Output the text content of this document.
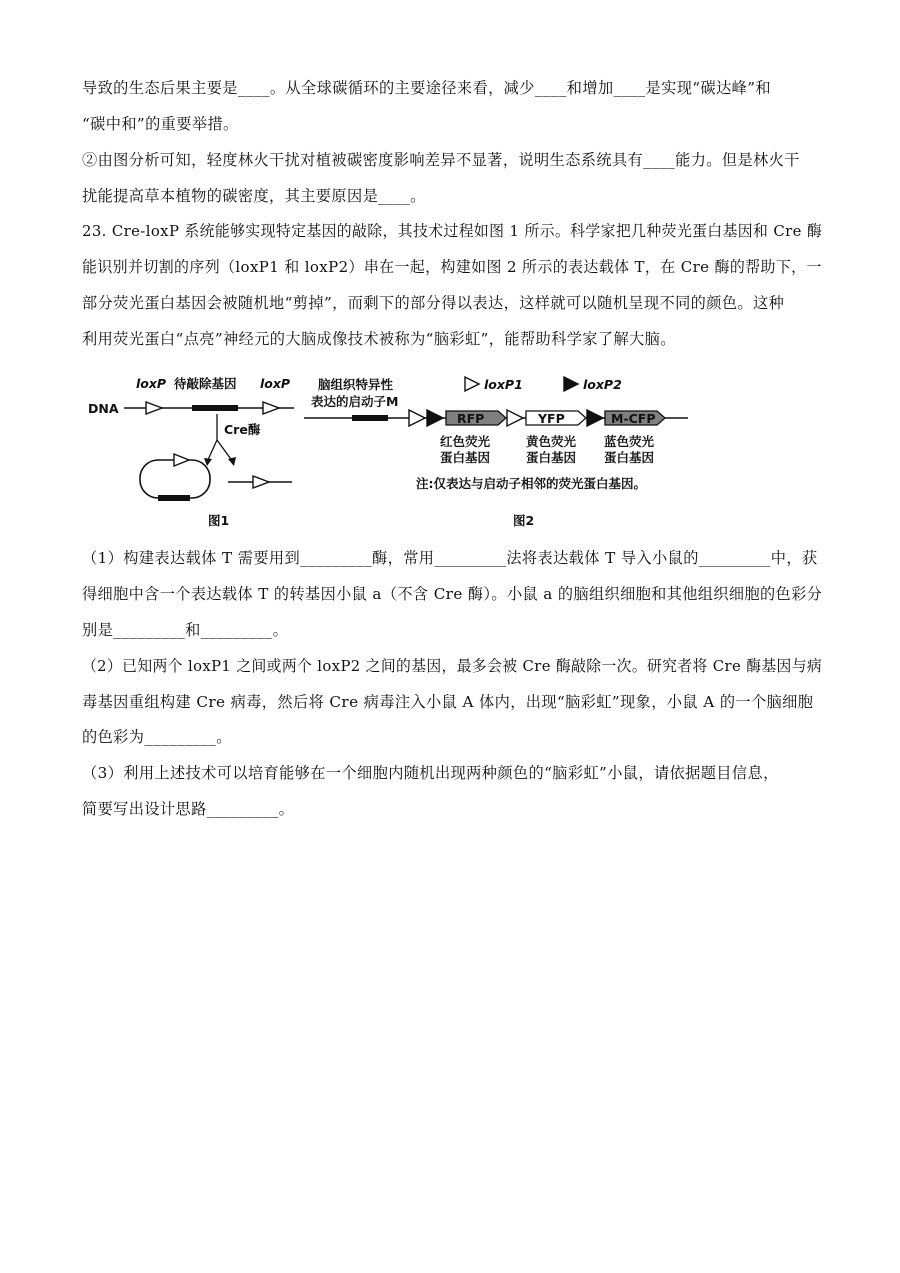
导致的生态后果主要是____。从全球碳循环的主要途径来看，减少____和增加____是实现“碳达峰”和
“碳中和”的重要举措。
②由图分析可知，轻度林火干扰对植被碳密度影响差异不显著，说明生态系统具有____能力。但是林火干
扰能提高草本植物的碳密度，其主要原因是____。
23. Cre-loxP 系统能够实现特定基因的敲除，其技术过程如图 1 所示。科学家把几种荧光蛋白基因和 Cre 酶
能识别并切割的序列（loxP1 和 loxP2）串在一起，构建如图 2 所示的表达载体 T，在 Cre 酶的帮助下，一
部分荧光蛋白基因会被随机地“剪掉”，而剩下的部分得以表达，这样就可以随机呈现不同的颜色。这种
利用荧光蛋白“点亮”神经元的大脑成像技术被称为“脑彩虹”，能帮助科学家了解大脑。
DNA
loxP 待敲除基因 loxP
Cre酶
图1
脑组织特异性
表达的启动子M
RFP	YFP	M-CFP
loxP1	loxP2
红色荧光
蛋白基因
黄色荧光
蛋白基因
蓝色荧光
蛋白基因
注:仅表达与启动子相邻的荧光蛋白基因。
图2
（1）构建表达载体 T 需要用到_________酶，常用_________法将表达载体 T 导入小鼠的_________中，获
得细胞中含一个表达载体 T 的转基因小鼠 a（不含 Cre 酶）。小鼠 a 的脑组织细胞和其他组织细胞的色彩分
别是_________和_________。
（2）已知两个 loxP1 之间或两个 loxP2 之间的基因，最多会被 Cre 酶敲除一次。研究者将 Cre 酶基因与病
毒基因重组构建 Cre 病毒，然后将 Cre 病毒注入小鼠 A 体内，出现“脑彩虹”现象，小鼠 A 的一个脑细胞
的色彩为_________。
（3）利用上述技术可以培育能够在一个细胞内随机出现两种颜色的“脑彩虹”小鼠，请依据题目信息，
简要写出设计思路_________。
